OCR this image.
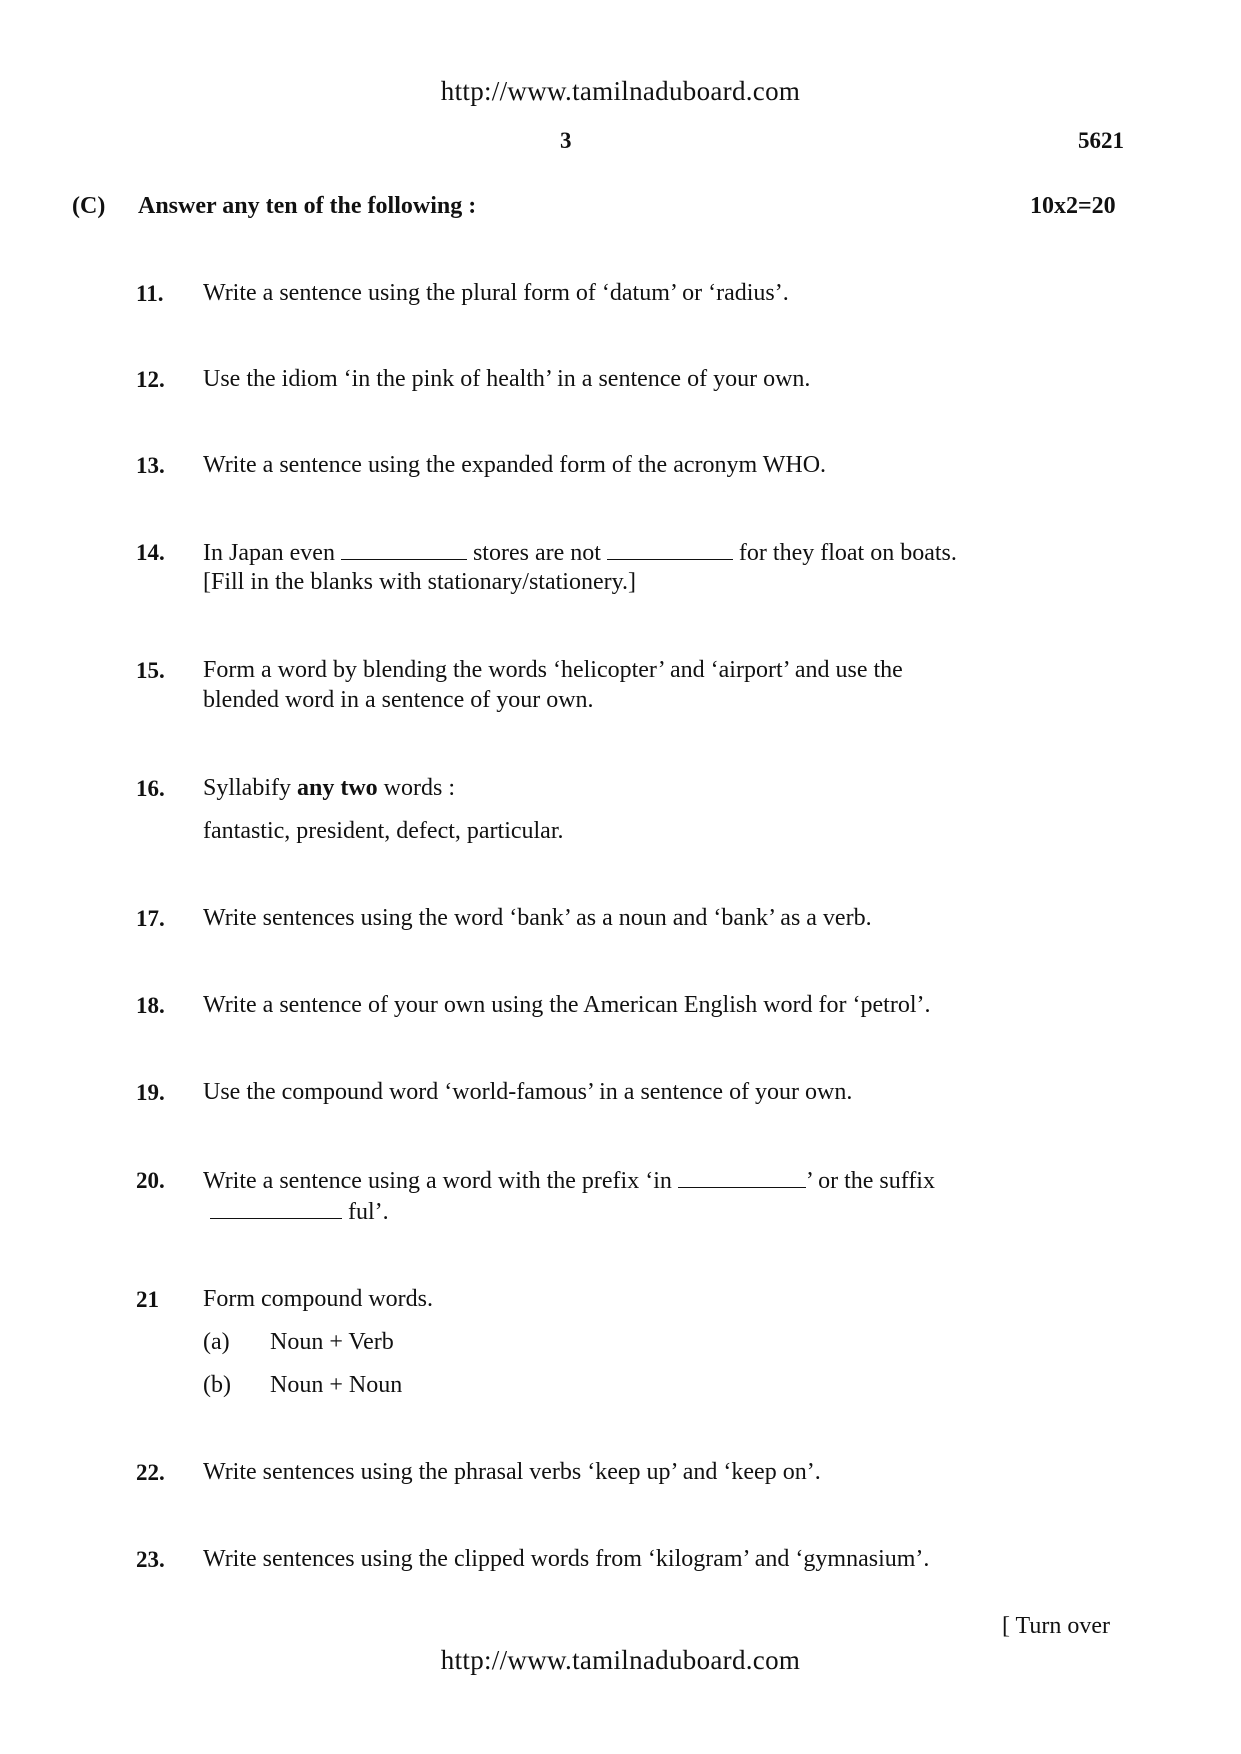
http://www.tamilnaduboard.com
3	5621
(C) Answer any ten of the following :	10x2=20
11. Write a sentence using the plural form of ‘datum’ or ‘radius’.
12. Use the idiom ‘in the pink of health’ in a sentence of your own.
13. Write a sentence using the expanded form of the acronym WHO.
14. In Japan even	stores are not	for they float on boats.
[Fill in the blanks with stationary/stationery.]
15. Form a word by blending the words ‘helicopter’ and ‘airport’ and use the
blended word in a sentence of your own.
16. Syllabify any two words :
fantastic, president, defect, particular.
17. Write sentences using the word ‘bank’ as a noun and ‘bank’ as a verb.
18. Write a sentence of your own using the American English word for ‘petrol’.
19. Use the compound word ‘world-famous’ in a sentence of your own.
20. Write a sentence using a word with the prefix ‘in	’ or the suffix
ful’.
21 Form compound words.
(a) Noun + Verb
(b) Noun + Noun
22. Write sentences using the phrasal verbs ‘keep up’ and ‘keep on’.
23. Write sentences using the clipped words from ‘kilogram’ and ‘gymnasium’.
[ Turn over
http://www.tamilnaduboard.com
